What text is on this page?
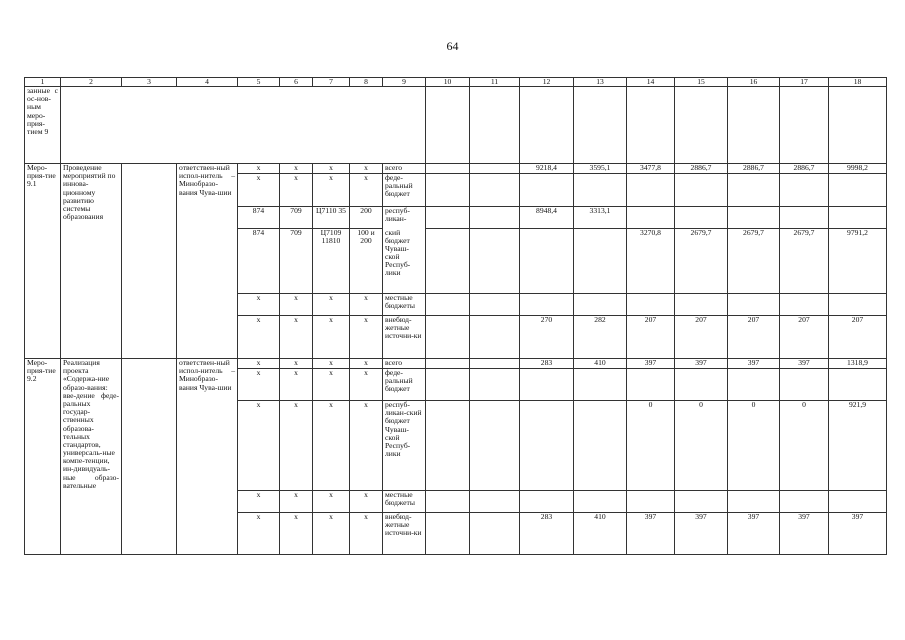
64
1	2	3	4	5	6	7	8	9	10	11	12	13	14	15	16	17	18
занные с ос-нов-ным меро-прия-тием 9																	
Меро-прия-тие 9.1	Проведение мероприятий по иннова-ционному развитию системы образования		ответствен-ный испол-нитель – Минобразо-вания Чува-шии	х	х	х	х	всего			9218,4	3595,1	3477,8	2886,7	2886,7	2886,7	9998,2
				х	х	х	х	феде-ральный бюджет									
				874	709	Ц7110 35	200	респуб-ликан-			8948,4	3313,1					
				874	709	Ц7109 11810	100 и 200	ский бюджет Чуваш-ской Респуб-лики					3270,8	2679,7	2679,7	2679,7	9791,2
				х	х	х	х	местные бюджеты									
				х	х	х	х	внебюд-жетные источни-ки			270	282	207	207	207	207	207
Меро-прия-тие 9.2	Реализация проекта «Содержа-ние образо-вания: вве-дение феде-ральных государ-ственных образова-тельных стандартов, универсаль-ные компе-тенции, ин-дивидуаль-ные образо-вательные		ответствен-ный испол-нитель – Минобразо-вания Чува-шии	х	х	х	х	всего			283	410	397	397	397	397	1318,9
				х	х	х	х	феде-ральный бюджет									
				х	х	х	х	респуб-ликан-ский бюджет Чуваш-ской Респуб-лики					0	0	0	0	921,9
				х	х	х	х	местные бюджеты									
				х	х	х	х	внебюд-жетные источни-ки			283	410	397	397	397	397	397
